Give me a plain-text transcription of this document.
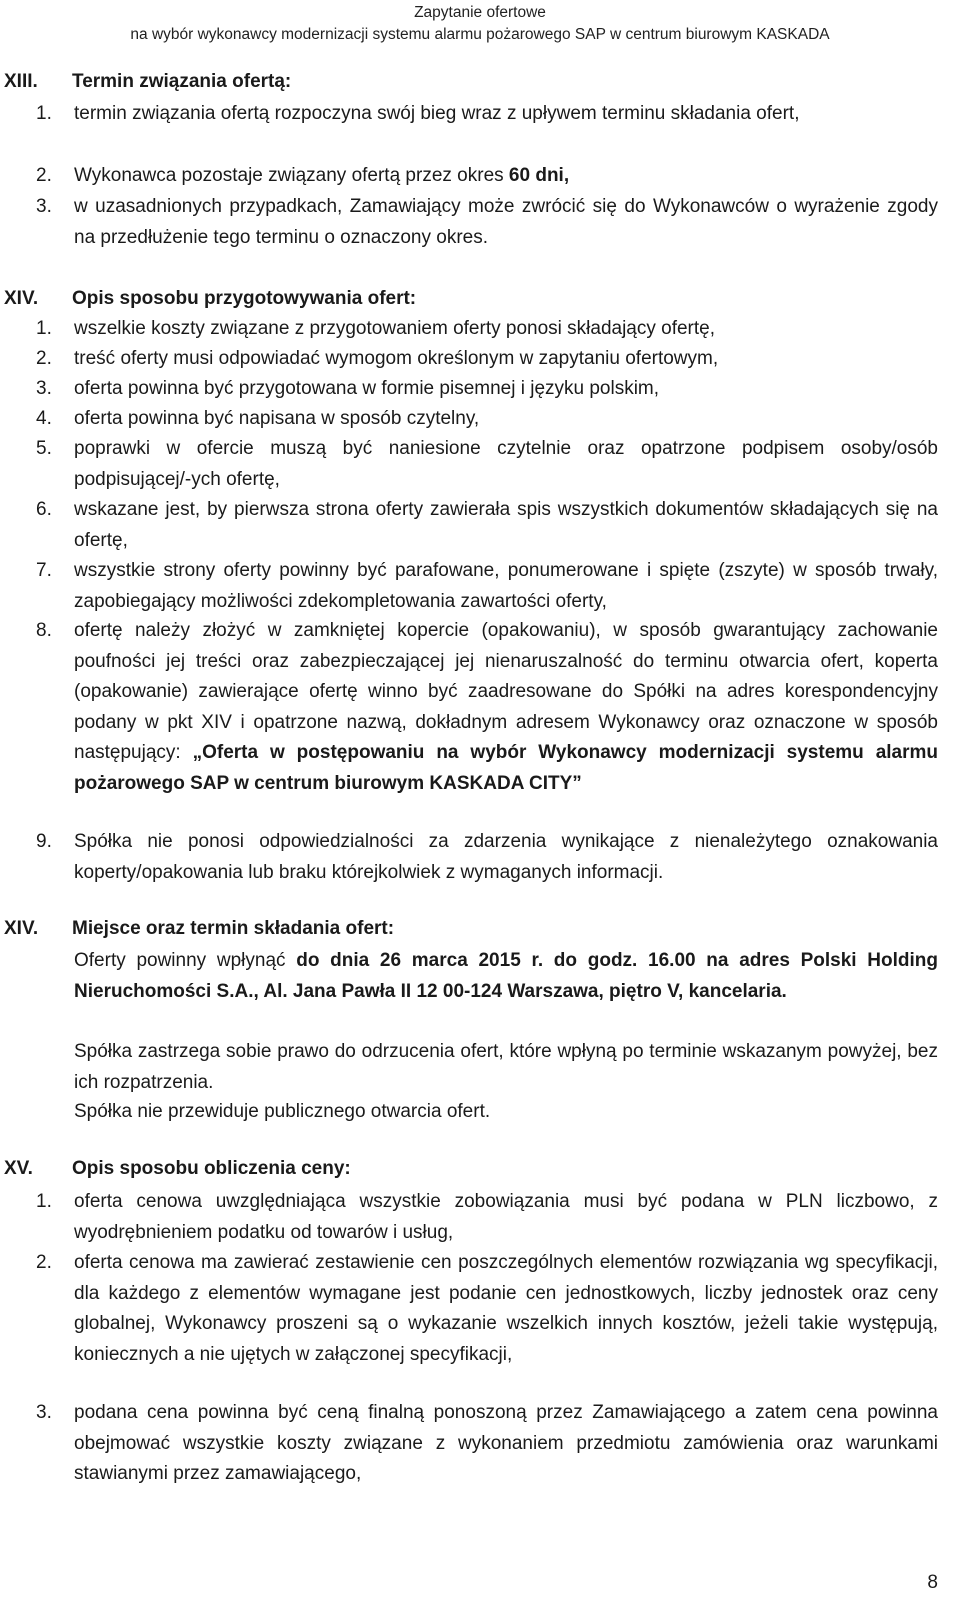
Zapytanie ofertowe
na wybór wykonawcy modernizacji systemu alarmu pożarowego SAP w centrum biurowym KASKADA
XIII. Termin związania ofertą:
1. termin związania ofertą rozpoczyna swój bieg wraz z upływem terminu składania ofert,
2. Wykonawca pozostaje związany ofertą przez okres 60 dni,
3. w uzasadnionych przypadkach, Zamawiający może zwrócić się do Wykonawców o wyrażenie zgody na przedłużenie tego terminu o oznaczony okres.
XIV. Opis sposobu przygotowywania ofert:
1. wszelkie koszty związane z przygotowaniem oferty ponosi składający ofertę,
2. treść oferty musi odpowiadać wymogom określonym w zapytaniu ofertowym,
3. oferta powinna być przygotowana w formie pisemnej i języku polskim,
4. oferta powinna być napisana w sposób czytelny,
5. poprawki w ofercie muszą być naniesione czytelnie oraz opatrzone podpisem osoby/osób podpisującej/-ych ofertę,
6. wskazane jest, by pierwsza strona oferty zawierała spis wszystkich dokumentów składających się na ofertę,
7. wszystkie strony oferty powinny być parafowane, ponumerowane i spięte (zszyte) w sposób trwały, zapobiegający możliwości zdekompletowania zawartości oferty,
8. ofertę należy złożyć w zamkniętej kopercie (opakowaniu), w sposób gwarantujący zachowanie poufności jej treści oraz zabezpieczającej jej nienaruszalność do terminu otwarcia ofert, koperta (opakowanie) zawierające ofertę winno być zaadresowane do Spółki na adres korespondencyjny podany w pkt XIV i opatrzone nazwą, dokładnym adresem Wykonawcy oraz oznaczone w sposób następujący: „Oferta w postępowaniu na wybór Wykonawcy modernizacji systemu alarmu pożarowego SAP w centrum biurowym KASKADA CITY”
9. Spółka nie ponosi odpowiedzialności za zdarzenia wynikające z nienależytego oznakowania koperty/opakowania lub braku którejkolwiek z wymaganych informacji.
XIV. Miejsce oraz termin składania ofert:
Oferty powinny wpłynąć do dnia 26 marca 2015 r. do godz. 16.00 na adres Polski Holding Nieruchomości S.A., Al. Jana Pawła II 12 00-124 Warszawa, piętro V, kancelaria.
Spółka zastrzega sobie prawo do odrzucenia ofert, które wpłyną po terminie wskazanym powyżej, bez ich rozpatrzenia.
Spółka nie przewiduje publicznego otwarcia ofert.
XV. Opis sposobu obliczenia ceny:
1. oferta cenowa uwzględniająca wszystkie zobowiązania musi być podana w PLN liczbowo, z wyodrębnieniem podatku od towarów i usług,
2. oferta cenowa ma zawierać zestawienie cen poszczególnych elementów rozwiązania wg specyfikacji, dla każdego z elementów wymagane jest podanie cen jednostkowych, liczby jednostek oraz ceny globalnej, Wykonawcy proszeni są o wykazanie wszelkich innych kosztów, jeżeli takie występują, koniecznych a nie ujętych w załączonej specyfikacji,
3. podana cena powinna być ceną finalną ponoszoną przez Zamawiającego a zatem cena powinna obejmować wszystkie koszty związane z wykonaniem przedmiotu zamówienia oraz warunkami stawianymi przez zamawiającego,
8
